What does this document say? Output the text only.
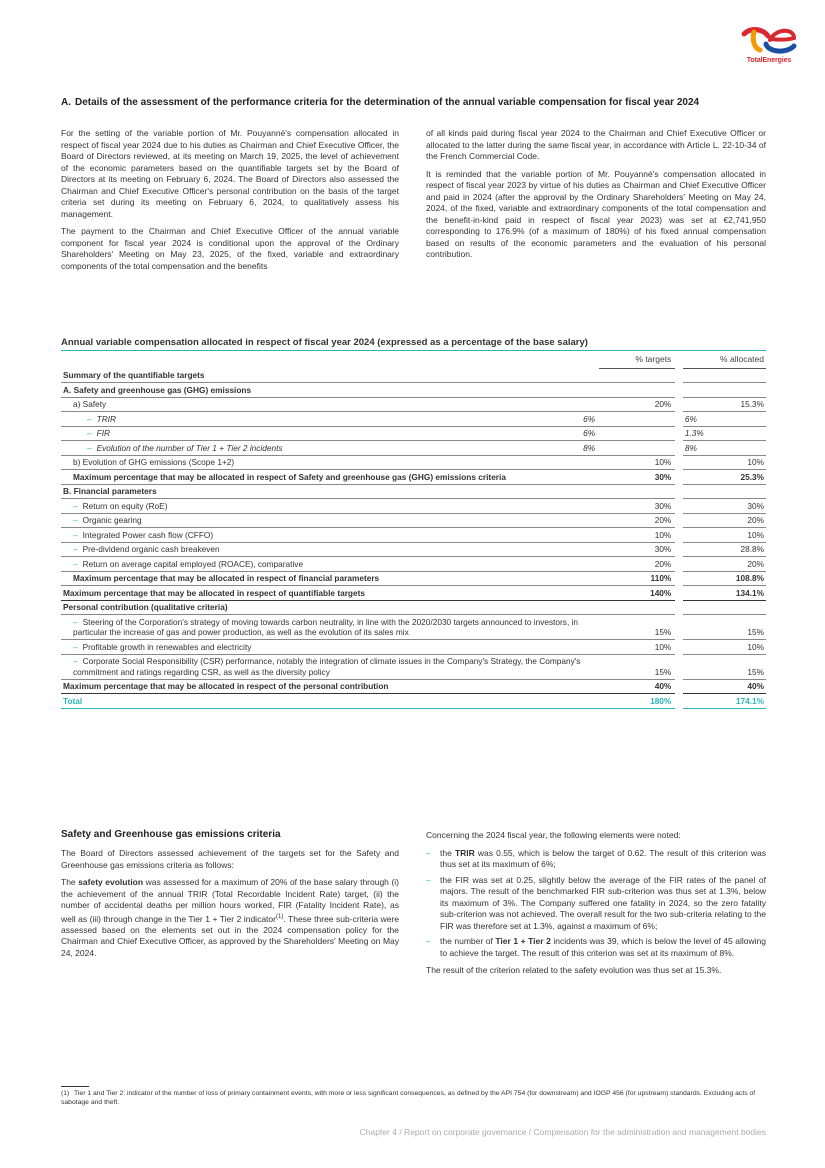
TotalEnergies
A. Details of the assessment of the performance criteria for the determination of the annual variable compensation for fiscal year 2024

For the setting of the variable portion of Mr. Pouyanné's compensation allocated in respect of fiscal year 2024 due to his duties as Chairman and Chief Executive Officer, the Board of Directors reviewed, at its meeting on March 19, 2025, the level of achievement of the economic parameters based on the quantifiable targets set by the Board of Directors at its meeting on February 6, 2024. The Board of Directors also assessed the Chairman and Chief Executive Officer's personal contribution on the basis of the target criteria set during its meeting on February 6, 2024, to qualitatively assess his management.

The payment to the Chairman and Chief Executive Officer of the annual variable component for fiscal year 2024 is conditional upon the approval of the Ordinary Shareholders' Meeting on May 23, 2025, of the fixed, variable and extraordinary components of the total compensation and the benefits

of all kinds paid during fiscal year 2024 to the Chairman and Chief Executive Officer or allocated to the latter during the same fiscal year, in accordance with Article L. 22-10-34 of the French Commercial Code.

It is reminded that the variable portion of Mr. Pouyanné's compensation allocated in respect of fiscal year 2023 by virtue of his duties as Chairman and Chief Executive Officer and paid in 2024 (after the approval by the Ordinary Shareholders' Meeting on May 24, 2024, of the fixed, variable and extraordinary components of the total compensation and the benefit-in-kind paid in respect of fiscal year 2023) was set at €2,741,950 corresponding to 176.9% (of a maximum of 180%) of his fixed annual compensation based on results of the economic parameters and the evaluation of his personal contribution.

Annual variable compensation allocated in respect of fiscal year 2024 (expressed as a percentage of the base salary)
	% targets		% allocated
Summary of the quantifiable targets			
A. Safety and greenhouse gas (GHG) emissions			
a) Safety	20%		15.3%
– TRIR 6%			6%
– FIR 6%			1.3%
– Evolution of the number of Tier 1 + Tier 2 incidents 8%			8%
b) Evolution of GHG emissions (Scope 1+2)	10%		10%
Maximum percentage that may be allocated in respect of Safety and greenhouse gas (GHG) emissions criteria	30%		25.3%
B. Financial parameters			
– Return on equity (RoE)	30%		30%
– Organic gearing	20%		20%
– Integrated Power cash flow (CFFO)	10%		10%
– Pre-dividend organic cash breakeven	30%		28.8%
– Return on average capital employed (ROACE), comparative	20%		20%
Maximum percentage that may be allocated in respect of financial parameters	110%		108.8%
Maximum percentage that may be allocated in respect of quantifiable targets	140%		134.1%
Personal contribution (qualitative criteria)			
– Steering of the Corporation's strategy of moving towards carbon neutrality, in line with the 2020/2030 targets announced to investors, in particular the increase of gas and power production, as well as the evolution of its sales mix	15%		15%
– Profitable growth in renewables and electricity	10%		10%
– Corporate Social Responsibility (CSR) performance, notably the integration of climate issues in the Company's Strategy, the Company's commitment and ratings regarding CSR, as well as the diversity policy	15%		15%
Maximum percentage that may be allocated in respect of the personal contribution	40%		40%
Total	180%		174.1%
Safety and Greenhouse gas emissions criteria

The Board of Directors assessed achievement of the targets set for the Safety and Greenhouse gas emissions criteria as follows:

The safety evolution was assessed for a maximum of 20% of the base salary through (i) the achievement of the annual TRIR (Total Recordable Incident Rate) target, (ii) the number of accidental deaths per million hours worked, FIR (Fatality Incident Rate), as well as (iii) through change in the Tier 1 + Tier 2 indicator$^{(1)}$. These three sub-criteria were assessed based on the elements set out in the 2024 compensation policy for the Chairman and Chief Executive Officer, as approved by the Shareholders' Meeting on May 24, 2024.

Concerning the 2024 fiscal year, the following elements were noted:

– the TRIR was 0.55, which is below the target of 0.62. The result of this criterion was thus set at its maximum of 6%;
– the FIR was set at 0.25, slightly below the average of the FIR rates of the panel of majors. The result of the benchmarked FIR sub-criterion was thus set at 1.3%, below its maximum of 3%. The Company suffered one fatality in 2024, so the zero fatality sub-criterion was not achieved. The overall result for the two sub-criteria relating to the FIR was therefore set at 1.3%, against a maximum of 6%;
– the number of Tier 1 + Tier 2 incidents was 39, which is below the level of 45 allowing to achieve the target. The result of this criterion was set at its maximum of 8%.

The result of the criterion related to the safety evolution was thus set at 15.3%.

(1) Tier 1 and Tier 2: indicator of the number of loss of primary containment events, with more or less significant consequences, as defined by the API 754 (for downstream) and IOGP 456 (for upstream) standards. Excluding acts of sabotage and theft.
Chapter 4 / Report on corporate governance / Compensation for the administration and management bodies
